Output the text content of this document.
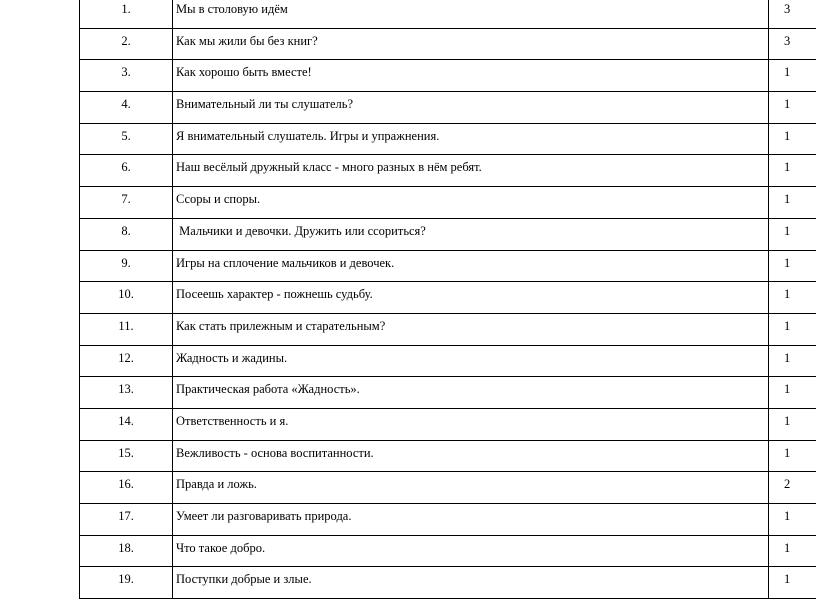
1.	Мы в столовую идём	3
2.	Как мы жили бы без книг?	3
3.	Как хорошо быть вместе!	1
4.	Внимательный ли ты слушатель?	1
5.	Я внимательный слушатель. Игры и упражнения.	1
6.	Наш весёлый дружный класс - много разных в нём ребят.	1
7.	Ссоры и споры.	1
8.	Мальчики и девочки. Дружить или ссориться?	1
9.	Игры на сплочение мальчиков и девочек.	1
10.	Посеешь характер - пожнешь судьбу.	1
11.	Как стать прилежным и старательным?	1
12.	Жадность и жадины.	1
13.	Практическая работа «Жадность».	1
14.	Ответственность и я.	1
15.	Вежливость - основа воспитанности.	1
16.	Правда и ложь.	2
17.	Умеет ли разговаривать природа.	1
18.	Что такое добро.	1
19.	Поступки добрые и злые.	1
